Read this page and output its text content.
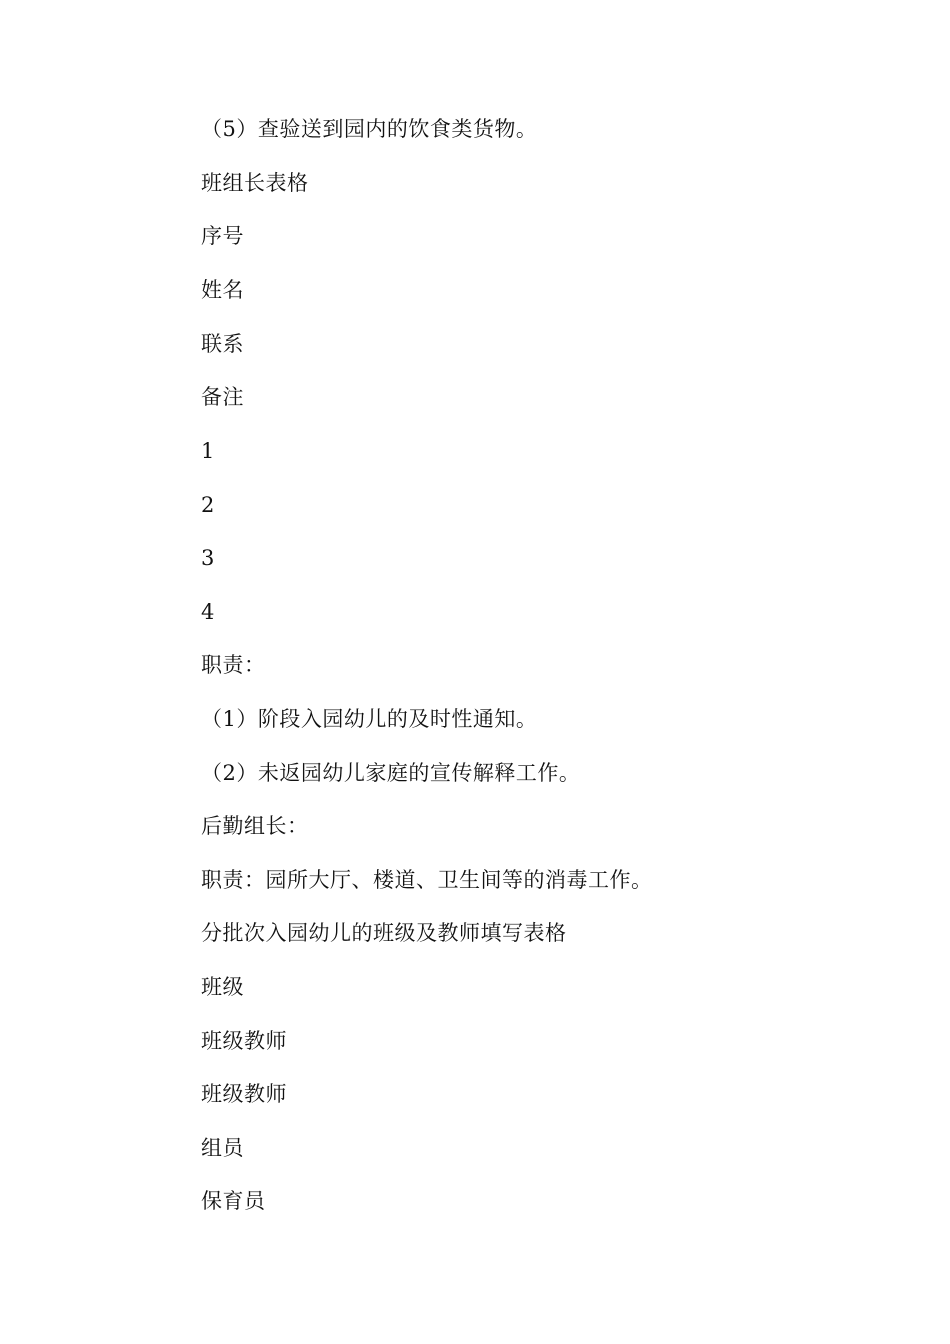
（5）查验送到园内的饮食类货物。
班组长表格
序号
姓名
联系
备注
1
2
3
4
职责：
（1）阶段入园幼儿的及时性通知。
（2）未返园幼儿家庭的宣传解释工作。
后勤组长：
职责：园所大厅、楼道、卫生间等的消毒工作。
分批次入园幼儿的班级及教师填写表格
班级
班级教师
班级教师
组员
保育员
